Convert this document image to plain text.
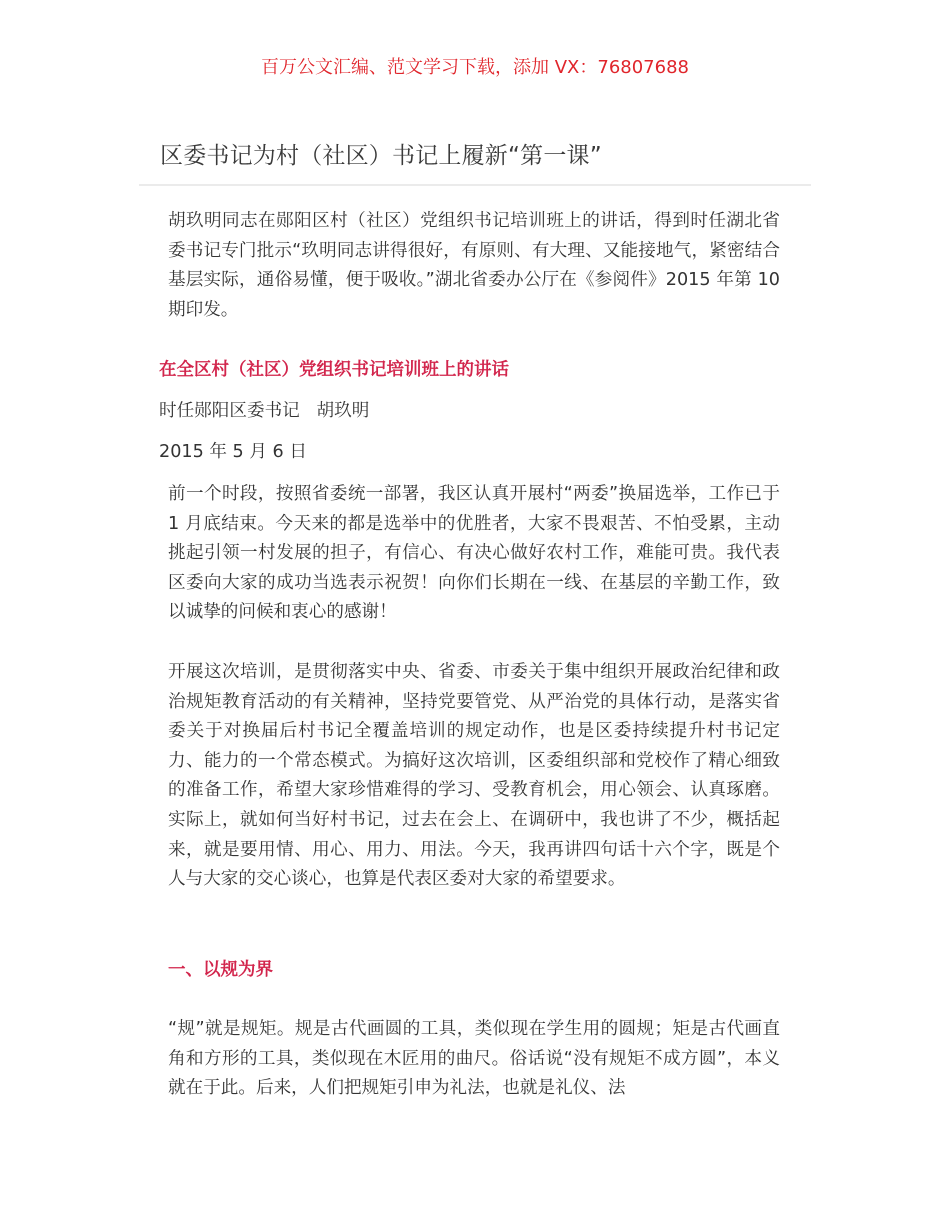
百万公文汇编、范文学习下载，添加 VX：76807688
区委书记为村（社区）书记上履新“第一课”
胡玖明同志在郧阳区村（社区）党组织书记培训班上的讲话，得到时任湖北省委书记专门批示“玖明同志讲得很好，有原则、有大理、又能接地气，紧密结合基层实际，通俗易懂，便于吸收。”湖北省委办公厅在《参阅件》2015 年第 10 期印发。
在全区村（社区）党组织书记培训班上的讲话
时任郧阳区委书记   胡玖明
2015 年 5 月 6 日
前一个时段，按照省委统一部署，我区认真开展村“两委”换届选举，工作已于 1 月底结束。今天来的都是选举中的优胜者，大家不畏艰苦、不怕受累，主动挑起引领一村发展的担子，有信心、有决心做好农村工作，难能可贵。我代表区委向大家的成功当选表示祝贺！向你们长期在一线、在基层的辛勤工作，致以诚挚的问候和衷心的感谢！
开展这次培训，是贯彻落实中央、省委、市委关于集中组织开展政治纪律和政治规矩教育活动的有关精神，坚持党要管党、从严治党的具体行动，是落实省委关于对换届后村书记全覆盖培训的规定动作，也是区委持续提升村书记定力、能力的一个常态模式。为搞好这次培训，区委组织部和党校作了精心细致的准备工作，希望大家珍惜难得的学习、受教育机会，用心领会、认真琢磨。实际上，就如何当好村书记，过去在会上、在调研中，我也讲了不少，概括起来，就是要用情、用心、用力、用法。今天，我再讲四句话十六个字，既是个人与大家的交心谈心，也算是代表区委对大家的希望要求。
一、以规为界
“规”就是规矩。规是古代画圆的工具，类似现在学生用的圆规；矩是古代画直角和方形的工具，类似现在木匠用的曲尺。俗话说“没有规矩不成方圆”，本义就在于此。后来，人们把规矩引申为礼法，也就是礼仪、法
